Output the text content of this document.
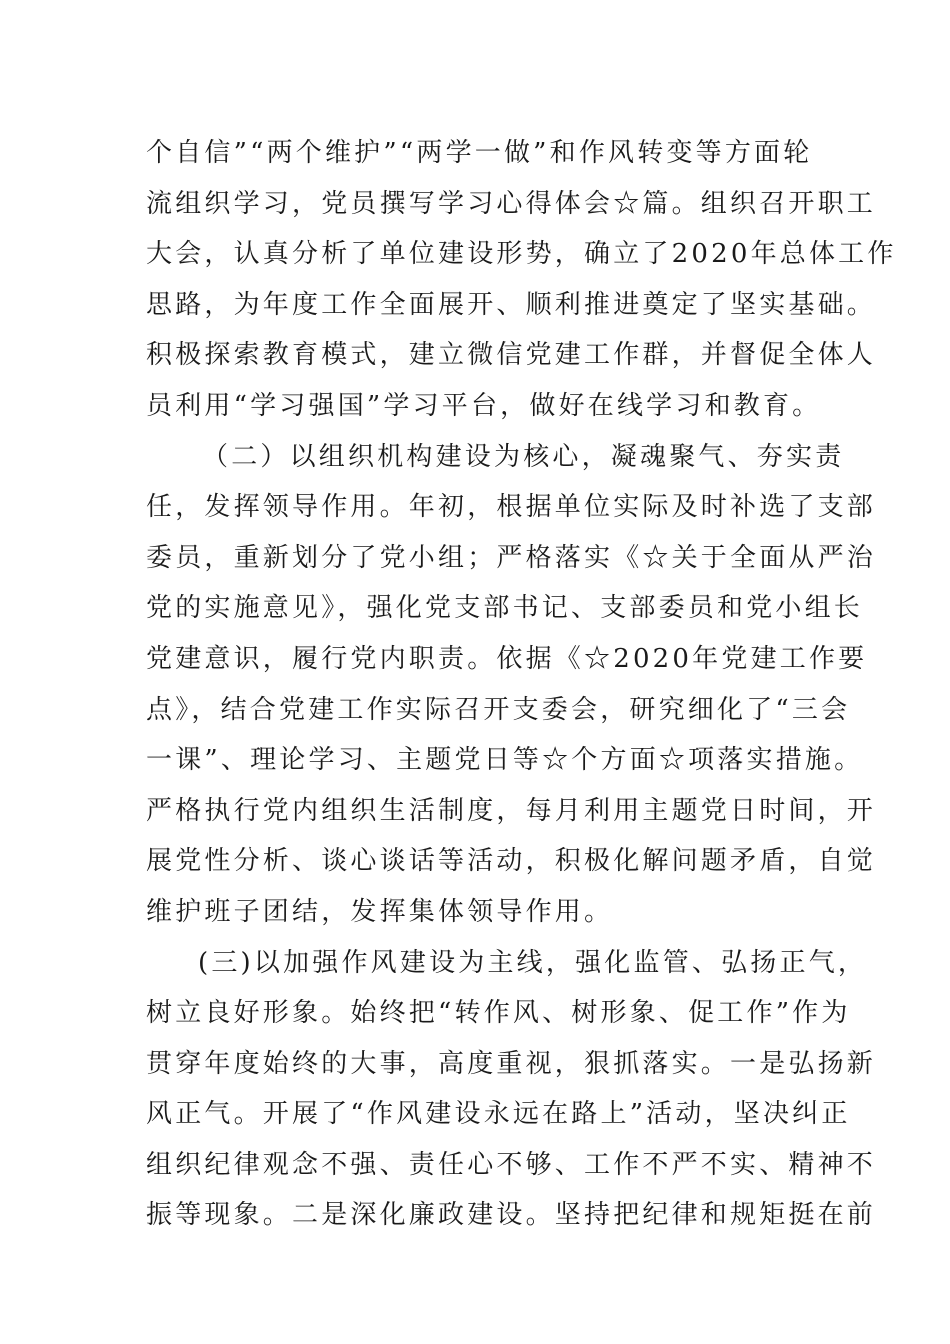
个自信”“两个维护”“两学一做”和作风转变等方面轮
流组织学习，党员撰写学习心得体会☆篇。组织召开职工
大会，认真分析了单位建设形势，确立了2020年总体工作
思路，为年度工作全面展开、顺利推进奠定了坚实基础。
积极探索教育模式，建立微信党建工作群，并督促全体人
员利用“学习强国”学习平台，做好在线学习和教育。
（二）以组织机构建设为核心，凝魂聚气、夯实责
任，发挥领导作用。年初，根据单位实际及时补选了支部
委员，重新划分了党小组；严格落实《☆关于全面从严治
党的实施意见》，强化党支部书记、支部委员和党小组长
党建意识，履行党内职责。依据《☆2020年党建工作要
点》，结合党建工作实际召开支委会，研究细化了“三会
一课”、理论学习、主题党日等☆个方面☆项落实措施。
严格执行党内组织生活制度，每月利用主题党日时间，开
展党性分析、谈心谈话等活动，积极化解问题矛盾，自觉
维护班子团结，发挥集体领导作用。
(三)以加强作风建设为主线，强化监管、弘扬正气，
树立良好形象。始终把“转作风、树形象、促工作”作为
贯穿年度始终的大事，高度重视，狠抓落实。一是弘扬新
风正气。开展了“作风建设永远在路上”活动，坚决纠正
组织纪律观念不强、责任心不够、工作不严不实、精神不
振等现象。二是深化廉政建设。坚持把纪律和规矩挺在前
